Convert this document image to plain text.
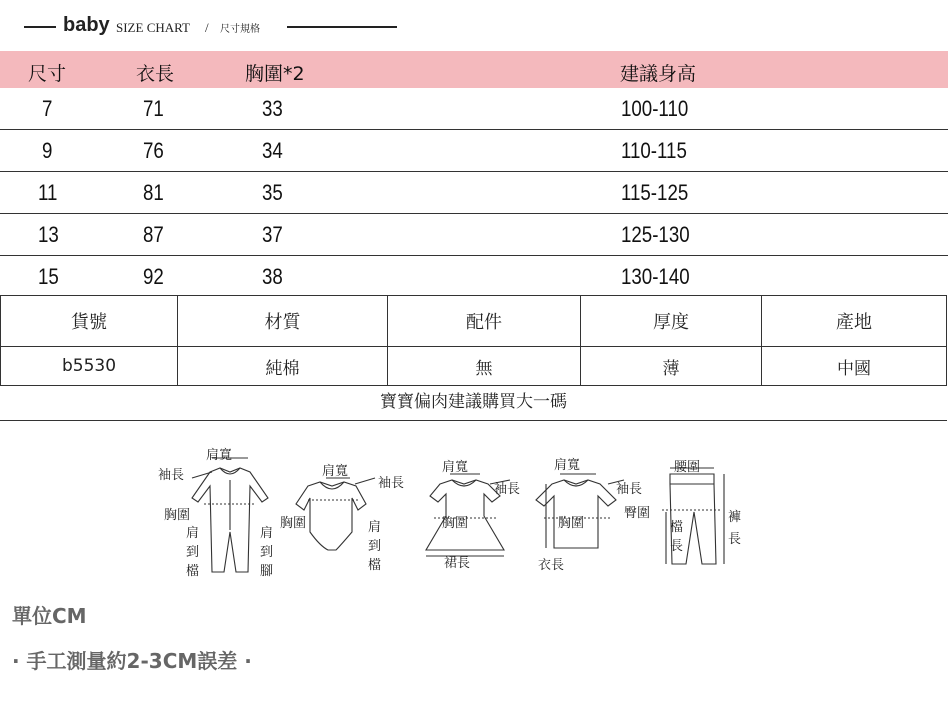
baby SIZE CHART / 尺寸規格
尺寸	衣長	胸圍*2	建議身高
7	71	33	100-110
9	76	34	110-115
11	81	35	115-125
13	87	37	125-130
15	92	38	130-140
貨號	材質	配件	厚度	產地
b5530	純棉	無	薄	中國
寶寶偏肉建議購買大一碼
肩寬
袖長
胸圍
肩
到
檔
肩
到
腳
肩寬
袖長
胸圍	肩
到
檔
肩寬
袖長
胸圍
裙長
肩寬
袖長
胸圍
衣長
腰圍
臀圍
檔
長
褲
長
單位CM
· 手工測量約2-3CM誤差 ·
